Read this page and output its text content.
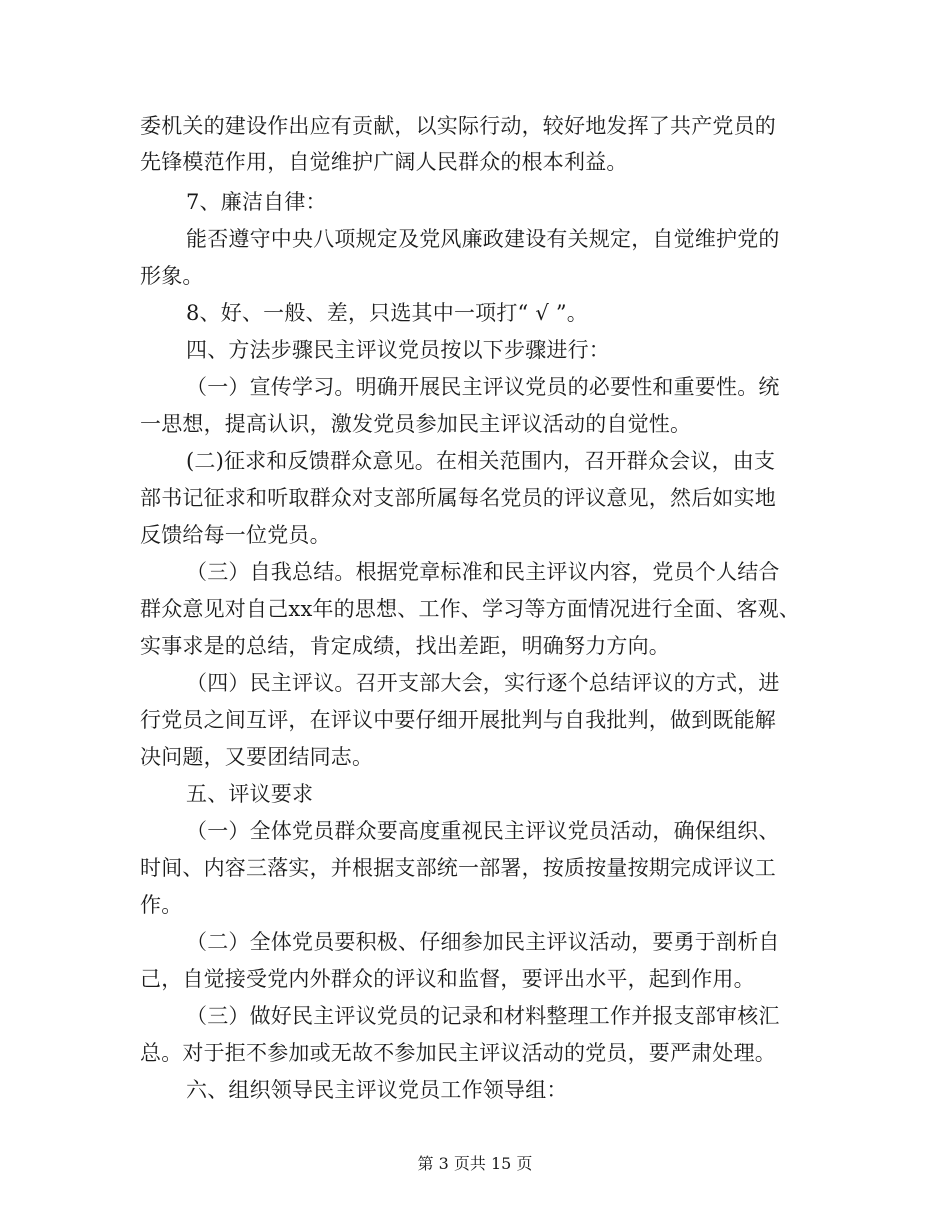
委机关的建设作出应有贡献，以实际行动，较好地发挥了共产党员的
先锋模范作用，自觉维护广阔人民群众的根本利益。
7、廉洁自律：
能否遵守中央八项规定及党风廉政建设有关规定，自觉维护党的
形象。
8、好、一般、差，只选其中一项打“ √ ”。
四、方法步骤民主评议党员按以下步骤进行：
（一）宣传学习。明确开展民主评议党员的必要性和重要性。统
一思想，提高认识，激发党员参加民主评议活动的自觉性。
(二)征求和反馈群众意见。在相关范围内，召开群众会议，由支
部书记征求和听取群众对支部所属每名党员的评议意见，然后如实地
反馈给每一位党员。
（三）自我总结。根据党章标准和民主评议内容，党员个人结合
群众意见对自己xx年的思想、工作、学习等方面情况进行全面、客观、
实事求是的总结，肯定成绩，找出差距，明确努力方向。
（四）民主评议。召开支部大会，实行逐个总结评议的方式，进
行党员之间互评，在评议中要仔细开展批判与自我批判，做到既能解
决问题，又要团结同志。
五、评议要求
（一）全体党员群众要高度重视民主评议党员活动，确保组织、
时间、内容三落实，并根据支部统一部署，按质按量按期完成评议工
作。
（二）全体党员要积极、仔细参加民主评议活动，要勇于剖析自
己，自觉接受党内外群众的评议和监督，要评出水平，起到作用。
（三）做好民主评议党员的记录和材料整理工作并报支部审核汇
总。对于拒不参加或无故不参加民主评议活动的党员，要严肃处理。
六、组织领导民主评议党员工作领导组：
第 3 页共 15 页
